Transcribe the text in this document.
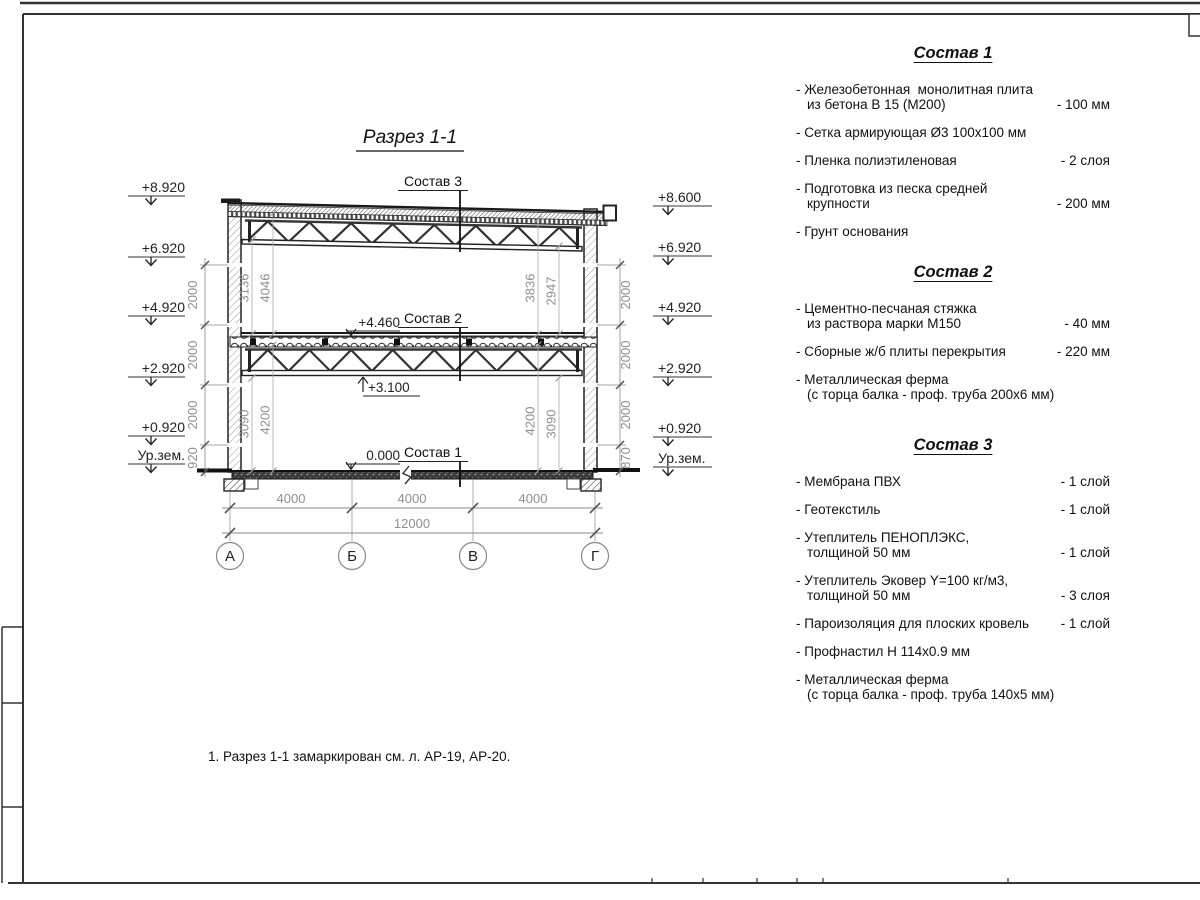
2000
2000
2000
920
2000
2000
2000
870
3136 4046	3836 2947
3090 4200	4200 3090
+8.920
+6.920
+4.920
+2.920
+0.920
Ур.зем.
+8.600
+6.920
+4.920
+2.920
+0.920
Ур.зем.
Состав 3
Состав 2
Состав 1
+4.460
+3.100
0.000
4000	4000	4000
12000
А	Б	В	Г
Разрез 1-1
1. Разрез 1-1 замаркирован см. л. АР-19, АР-20.
Состав 1
- Железобетонная  монолитная плита
из бетона В 15 (М200)	- 100 мм
- Сетка армирующая Ø3 100x100 мм
- Пленка полиэтиленовая	- 2 слоя
- Подготовка из песка средней
крупности	- 200 мм
- Грунт основания
Состав 2
- Цементно-песчаная стяжка
из раствора марки М150	- 40 мм
- Сборные ж/б плиты перекрытия	- 220 мм
- Металлическая ферма
(с торца балка - проф. труба 200х6 мм)
Состав 3
- Мембрана ПВХ	- 1 слой
- Геотекстиль	- 1 слой
- Утеплитель ПЕНОПЛЭКС,
толщиной 50 мм	- 1 слой
- Утеплитель Эковер Y=100 кг/м3,
толщиной 50 мм	- 3 слоя
- Пароизоляция для плоских кровель	- 1 слой
- Профнастил Н 114х0.9 мм
- Металлическая ферма
(с торца балка - проф. труба 140х5 мм)
